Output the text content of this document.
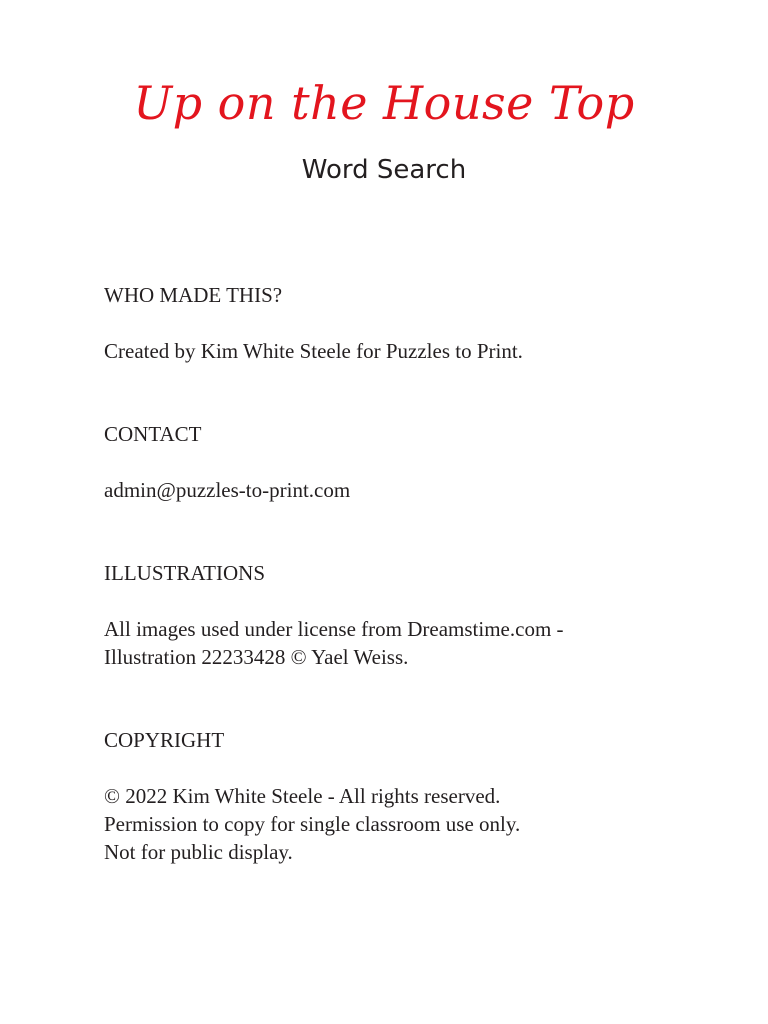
Up on the House Top
Word Search
WHO MADE THIS?

Created by Kim White Steele for Puzzles to Print.

CONTACT

admin@puzzles-to-print.com

ILLUSTRATIONS

All images used under license from Dreamstime.com -
Illustration 22233428 © Yael Weiss.

COPYRIGHT

© 2022 Kim White Steele - All rights reserved.
Permission to copy for single classroom use only.
Not for public display.
